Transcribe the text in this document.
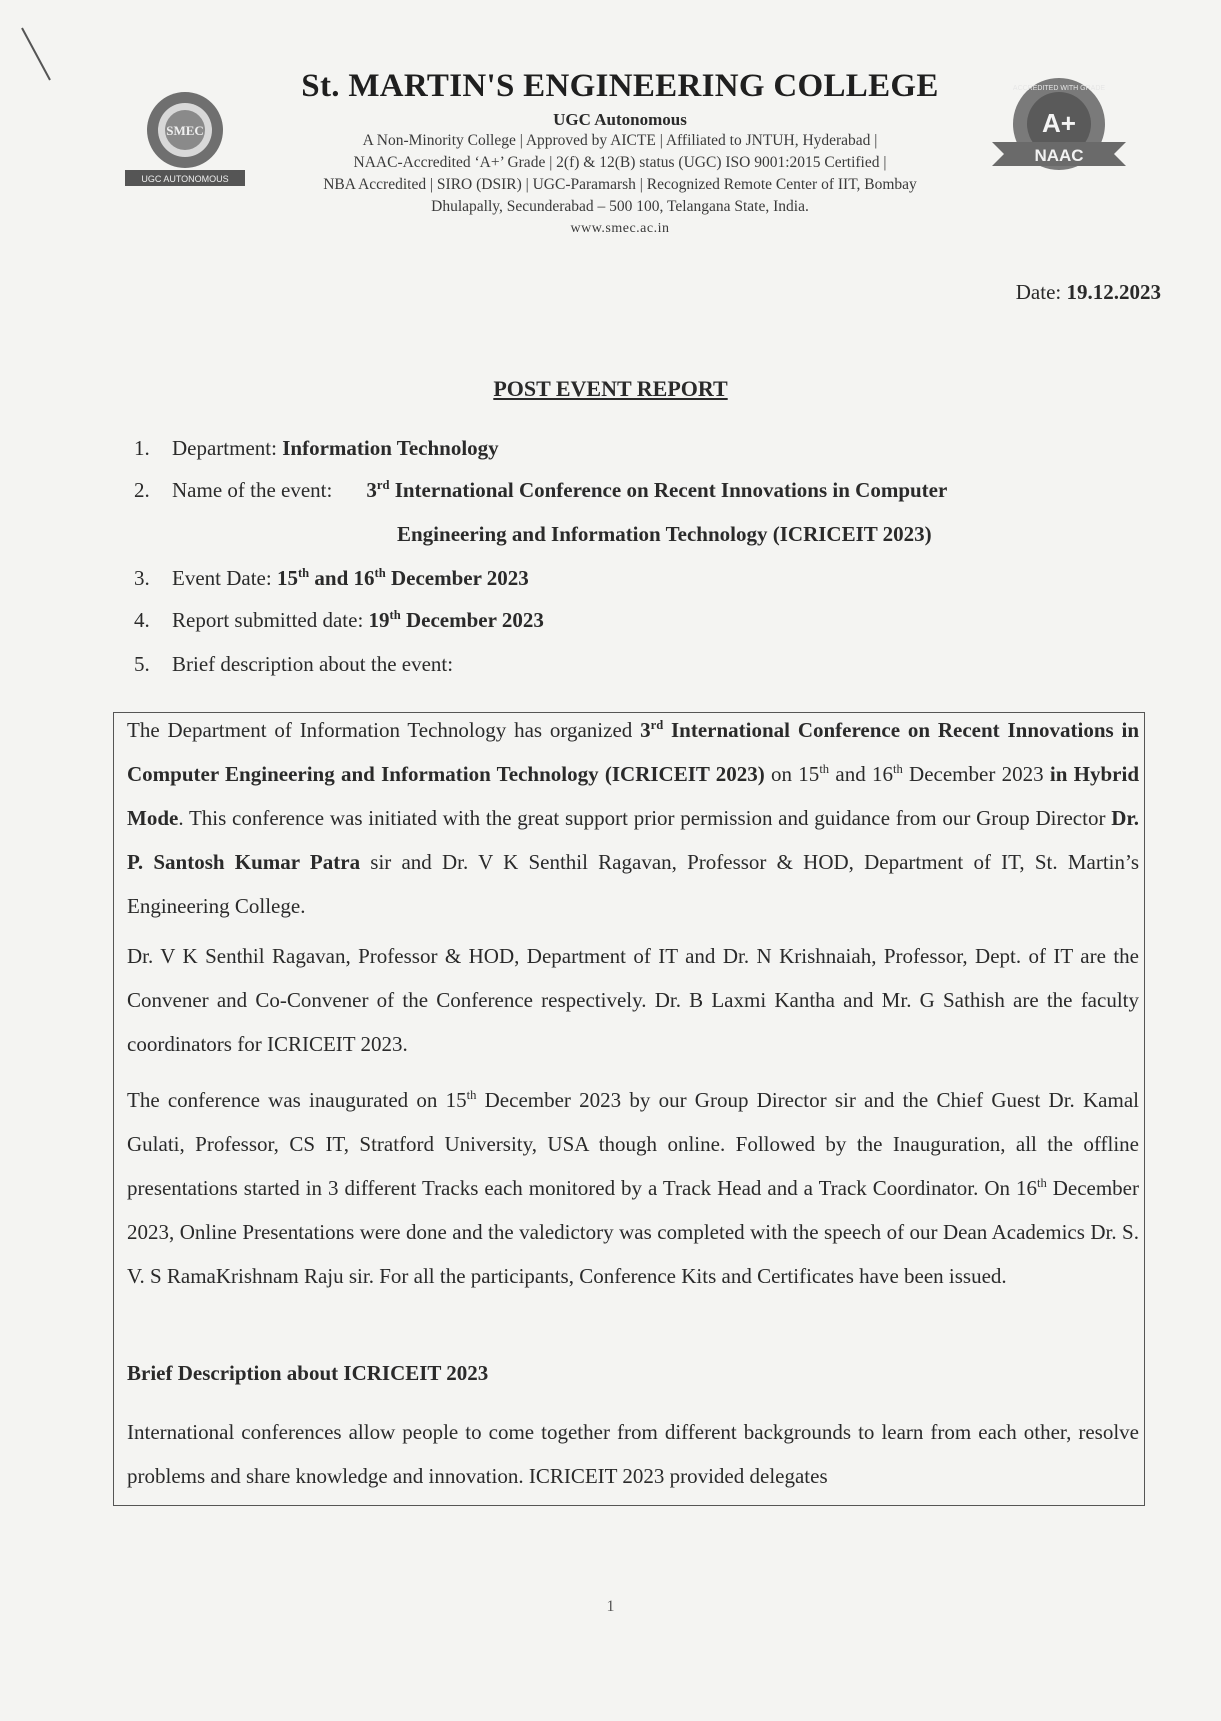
SMEC
UGC AUTONOMOUS
ACCREDITED WITH GRADE
A+
NAAC
St. MARTIN'S ENGINEERING COLLEGE
UGC Autonomous
A Non-Minority College | Approved by AICTE | Affiliated to JNTUH, Hyderabad |
NAAC-Accredited ‘A+’ Grade | 2(f) & 12(B) status (UGC) ISO 9001:2015 Certified |
NBA Accredited | SIRO (DSIR) | UGC-Paramarsh | Recognized Remote Center of IIT, Bombay
Dhulapally, Secunderabad – 500 100, Telangana State, India.
www.smec.ac.in
Date: 19.12.2023
POST EVENT REPORT
1. Department: Information Technology
2. Name of the event: 3rd International Conference on Recent Innovations in Computer
Engineering and Information Technology (ICRICEIT 2023)
3. Event Date: 15th and 16th December 2023
4. Report submitted date: 19th December 2023
5. Brief description about the event:
The Department of Information Technology has organized 3rd International Conference on Recent Innovations in Computer Engineering and Information Technology (ICRICEIT 2023) on 15th and 16th December 2023 in Hybrid Mode. This conference was initiated with the great support prior permission and guidance from our Group Director Dr. P. Santosh Kumar Patra sir and Dr. V K Senthil Ragavan, Professor & HOD, Department of IT, St. Martin’s Engineering College.
Dr. V K Senthil Ragavan, Professor & HOD, Department of IT and Dr. N Krishnaiah, Professor, Dept. of IT are the Convener and Co-Convener of the Conference respectively. Dr. B Laxmi Kantha and Mr. G Sathish are the faculty coordinators for ICRICEIT 2023.
The conference was inaugurated on 15th December 2023 by our Group Director sir and the Chief Guest Dr. Kamal Gulati, Professor, CS IT, Stratford University, USA though online. Followed by the Inauguration, all the offline presentations started in 3 different Tracks each monitored by a Track Head and a Track Coordinator. On 16th December 2023, Online Presentations were done and the valedictory was completed with the speech of our Dean Academics Dr. S. V. S RamaKrishnam Raju sir. For all the participants, Conference Kits and Certificates have been issued.
Brief Description about ICRICEIT 2023
International conferences allow people to come together from different backgrounds to learn from each other, resolve problems and share knowledge and innovation. ICRICEIT 2023 provided delegates
1
